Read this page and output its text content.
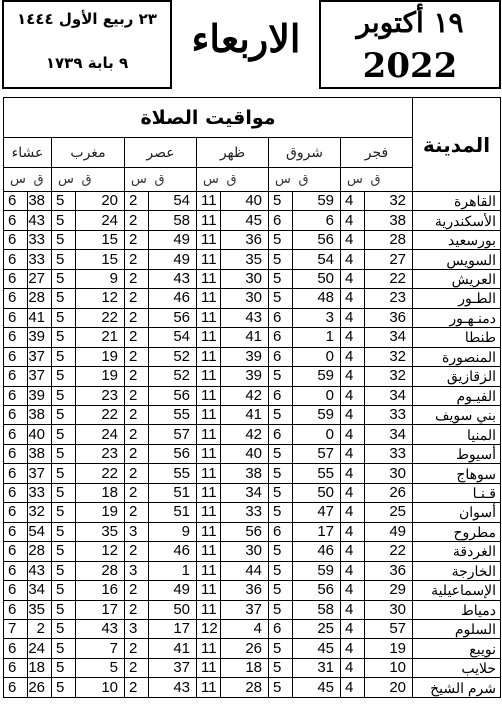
١٩ أكتوبر
2022
الاربعاء
٢٣ ربيع الأول ١٤٤٤
٩ بابة ١٧٣٩
مواقيت الصلاة												المدينة
عشاء		مغرب		عصر		ظهر		شروق		فجر		
س	ق	س	ق	س	ق	س	ق	س	ق	س	ق	
6	38	5	20	2	54	11	40	5	59	4	32	القاهرة
6	43	5	24	2	58	11	45	6	6	4	38	الأسكندرية
6	33	5	15	2	49	11	36	5	56	4	28	بورسعيد
6	33	5	15	2	49	11	35	5	54	4	27	السويس
6	27	5	9	2	43	11	30	5	50	4	22	العريش
6	28	5	12	2	46	11	30	5	48	4	23	الطـور
6	41	5	22	2	56	11	43	6	3	4	36	دمنـهـور
6	39	5	21	2	54	11	41	6	1	4	34	طنطا
6	37	5	19	2	52	11	39	6	0	4	32	المنصورة
6	37	5	19	2	52	11	39	5	59	4	32	الزقازيق
6	39	5	23	2	56	11	42	6	0	4	34	الفيـوم
6	38	5	22	2	55	11	41	5	59	4	33	بني سويف
6	40	5	24	2	57	11	42	6	0	4	34	المنيا
6	38	5	23	2	56	11	40	5	57	4	33	أسيوط
6	37	5	22	2	55	11	38	5	55	4	30	سوهاج
6	33	5	18	2	51	11	34	5	50	4	26	قـنـا
6	32	5	19	2	51	11	33	5	47	4	25	أسوان
6	54	5	35	3	9	11	56	6	17	4	49	مطروح
6	28	5	12	2	46	11	30	5	46	4	22	الغردقة
6	43	5	28	3	1	11	44	5	59	4	36	الخارجة
6	34	5	16	2	49	11	36	5	56	4	29	الإسماعيلية
6	35	5	17	2	50	11	37	5	58	4	30	دمياط
7	2	5	43	3	17	12	4	6	25	4	57	السلوم
6	24	5	7	2	41	11	26	5	45	4	19	نويبع
6	18	5	5	2	37	11	18	5	31	4	10	حلايب
6	26	5	10	2	43	11	28	5	45	4	20	شرم الشيخ
